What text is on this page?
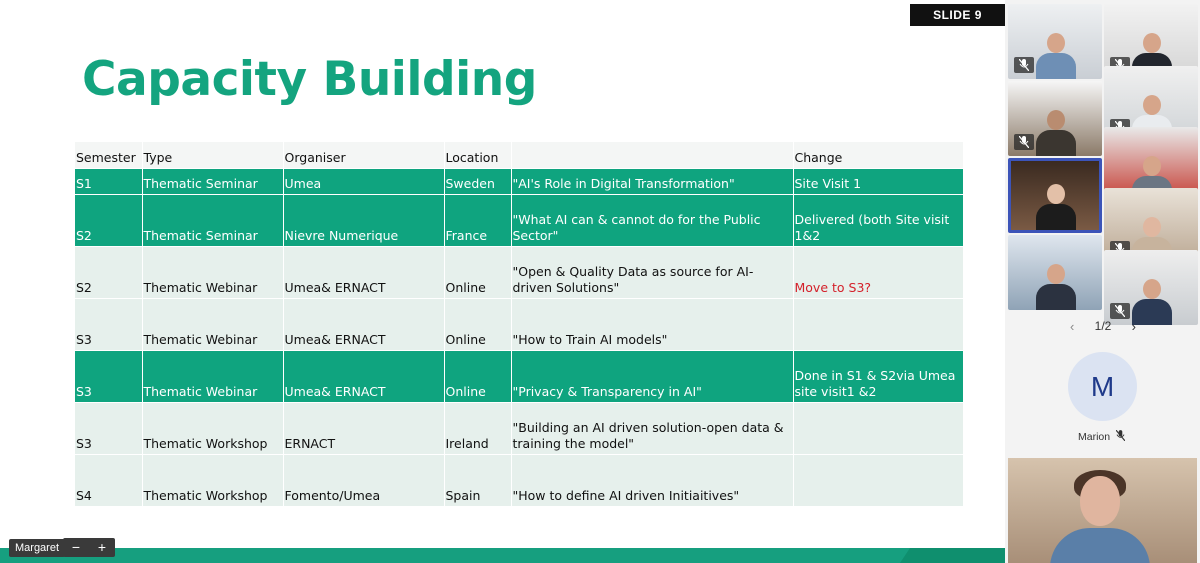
SLIDE 9
Capacity Building
Semester	Type	Organiser	Location		Change
S1	Thematic Seminar	Umea	Sweden	"AI's Role in Digital Transformation"	Site Visit 1
S2	Thematic Seminar	Nievre Numerique	France	"What AI can & cannot do for the Public Sector"	Delivered (both Site visit 1&2
S2	Thematic Webinar	Umea& ERNACT	Online	"Open & Quality Data as source for AI-driven Solutions"	Move to S3?
S3	Thematic Webinar	Umea& ERNACT	Online	"How to Train AI models"	
S3	Thematic Webinar	Umea& ERNACT	Online	"Privacy & Transparency in AI"	Done in S1 & S2via Umea site visit1 &2
S3	Thematic Workshop	ERNACT	Ireland	"Building an AI driven solution-open data & training the model"	
S4	Thematic Workshop	Fomento/Umea	Spain	"How to define AI driven Initiaitives"	
Margaret − +
‹ 1/2 ›
M
Marion
